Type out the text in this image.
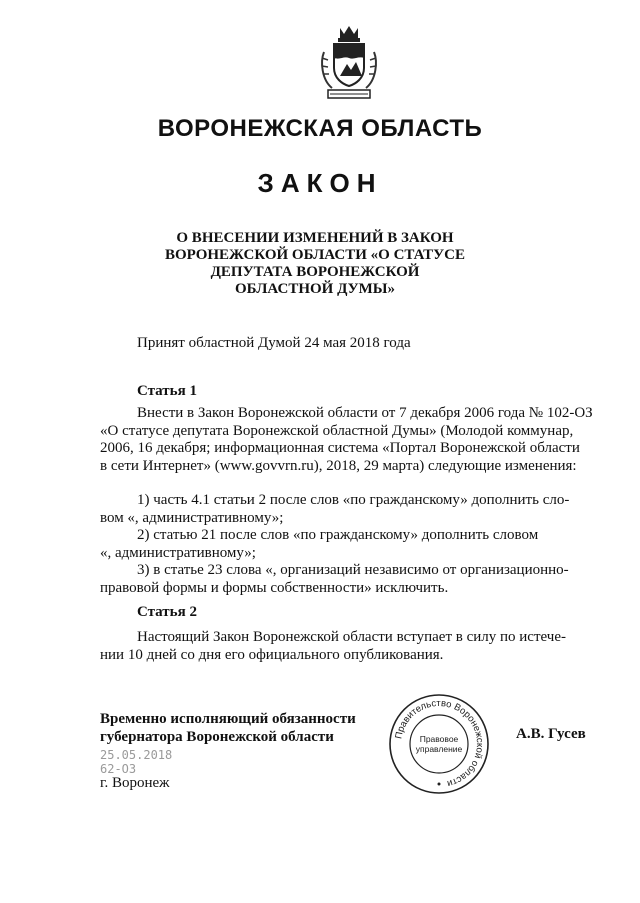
ВОРОНЕЖСКАЯ ОБЛАСТЬ
ЗАКОН
О ВНЕСЕНИИ ИЗМЕНЕНИЙ В ЗАКОН
ВОРОНЕЖСКОЙ ОБЛАСТИ «О СТАТУСЕ
ДЕПУТАТА ВОРОНЕЖСКОЙ
ОБЛАСТНОЙ ДУМЫ»
Принят областной Думой 24 мая 2018 года
Статья 1
Внести в Закон Воронежской области от 7 декабря 2006 года № 102-ОЗ
«О статусе депутата Воронежской областной Думы» (Молодой коммунар,
2006, 16 декабря; информационная система «Портал Воронежской области
в сети Интернет» (www.govvrn.ru), 2018, 29 марта) следующие изменения:
1) часть 4.1 статьи 2 после слов «по гражданскому» дополнить сло-
вом «, административному»;
2) статью 21 после слов «по гражданскому» дополнить словом
«, административному»;
3) в статье 23 слова «, организаций независимо от организационно-
правовой формы и формы собственности» исключить.
Статья 2
Настоящий Закон Воронежской области вступает в силу по истече-
нии 10 дней со дня его официального опубликования.
Временно исполняющий обязанности
губернатора Воронежской области
25.05.2018
62-ОЗ
г. Воронеж
Правительство Воронежской области
Правовое
управление
А.В. Гусев
